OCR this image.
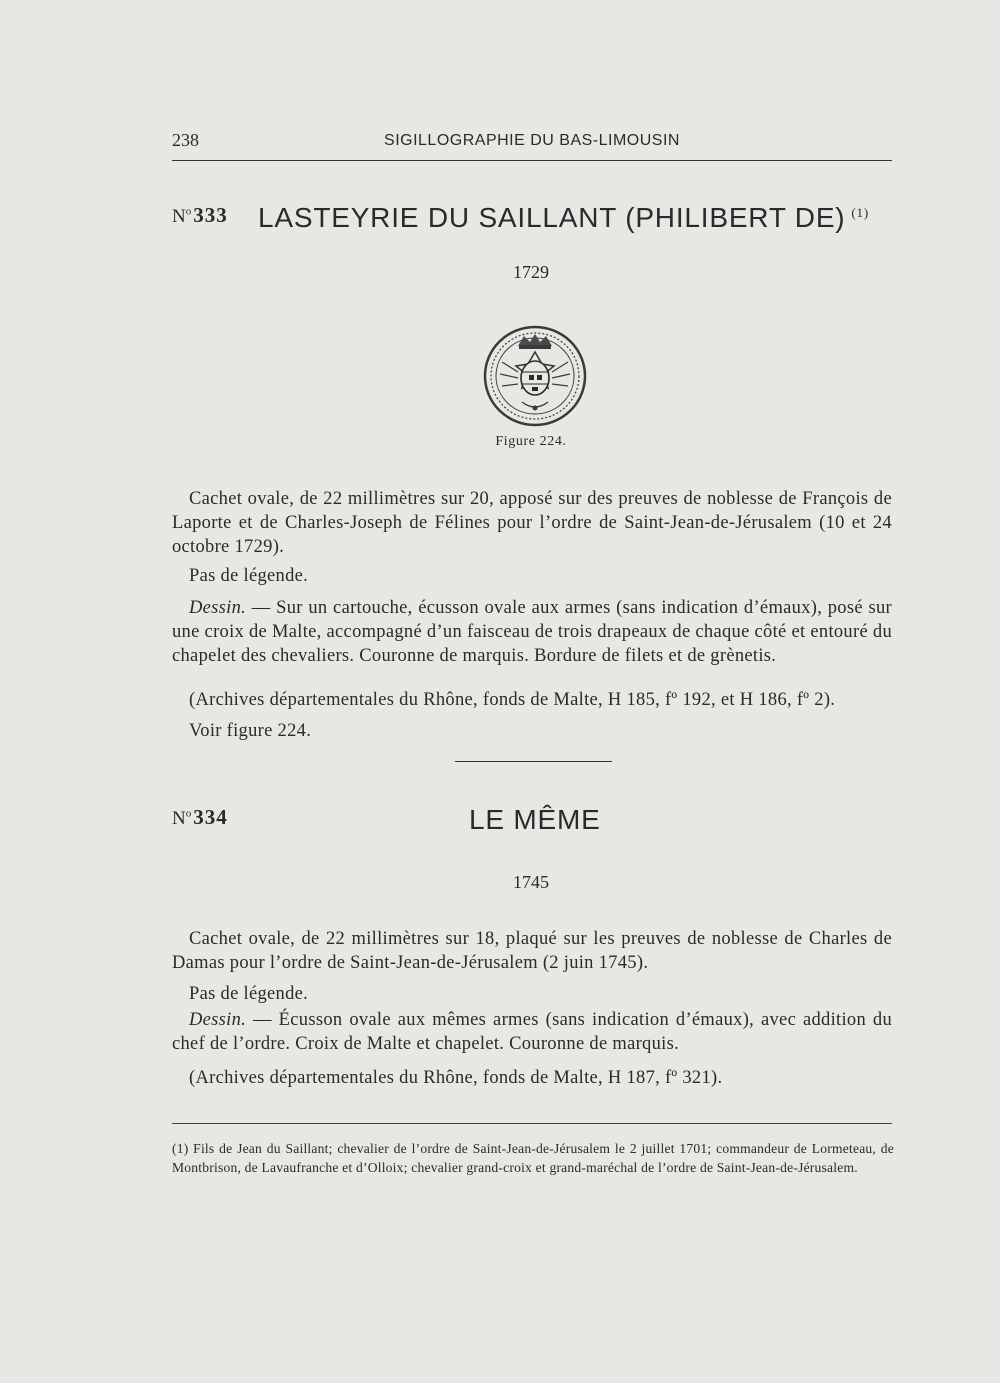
238	SIGILLOGRAPHIE DU BAS-LIMOUSIN
$N^o333$ LASTEYRIE DU SAILLANT (PHILIBERT DE) $^{(1)}$
1729
Figure 224.
Cachet ovale, de 22 millimètres sur 20, apposé sur des preuves de noblesse de François de Laporte et de Charles-Joseph de Félines pour l’ordre de Saint-Jean-de-Jérusalem (10 et 24 octobre 1729).
Pas de légende.
Dessin. — Sur un cartouche, écusson ovale aux armes (sans indication d’émaux), posé sur une croix de Malte, accompagné d’un faisceau de trois drapeaux de chaque côté et entouré du chapelet des chevaliers. Couronne de marquis. Bordure de filets et de grènetis.
(Archives départementales du Rhône, fonds de Malte, H 185, fº 192, et H 186, fº 2).
Voir figure 224.
$N^o334$	LE MÊME
1745
Cachet ovale, de 22 millimètres sur 18, plaqué sur les preuves de noblesse de Charles de Damas pour l’ordre de Saint-Jean-de-Jérusalem (2 juin 1745).
Pas de légende.
Dessin. — Écusson ovale aux mêmes armes (sans indication d’émaux), avec addition du chef de l’ordre. Croix de Malte et chapelet. Couronne de marquis.
(Archives départementales du Rhône, fonds de Malte, H 187, fº 321).
(1) Fils de Jean du Saillant; chevalier de l’ordre de Saint-Jean-de-Jérusalem le 2 juillet 1701; commandeur de Lormeteau, de Montbrison, de Lavaufranche et d’Olloix; chevalier grand-croix et grand-maréchal de l’ordre de Saint-Jean-de-Jérusalem.
